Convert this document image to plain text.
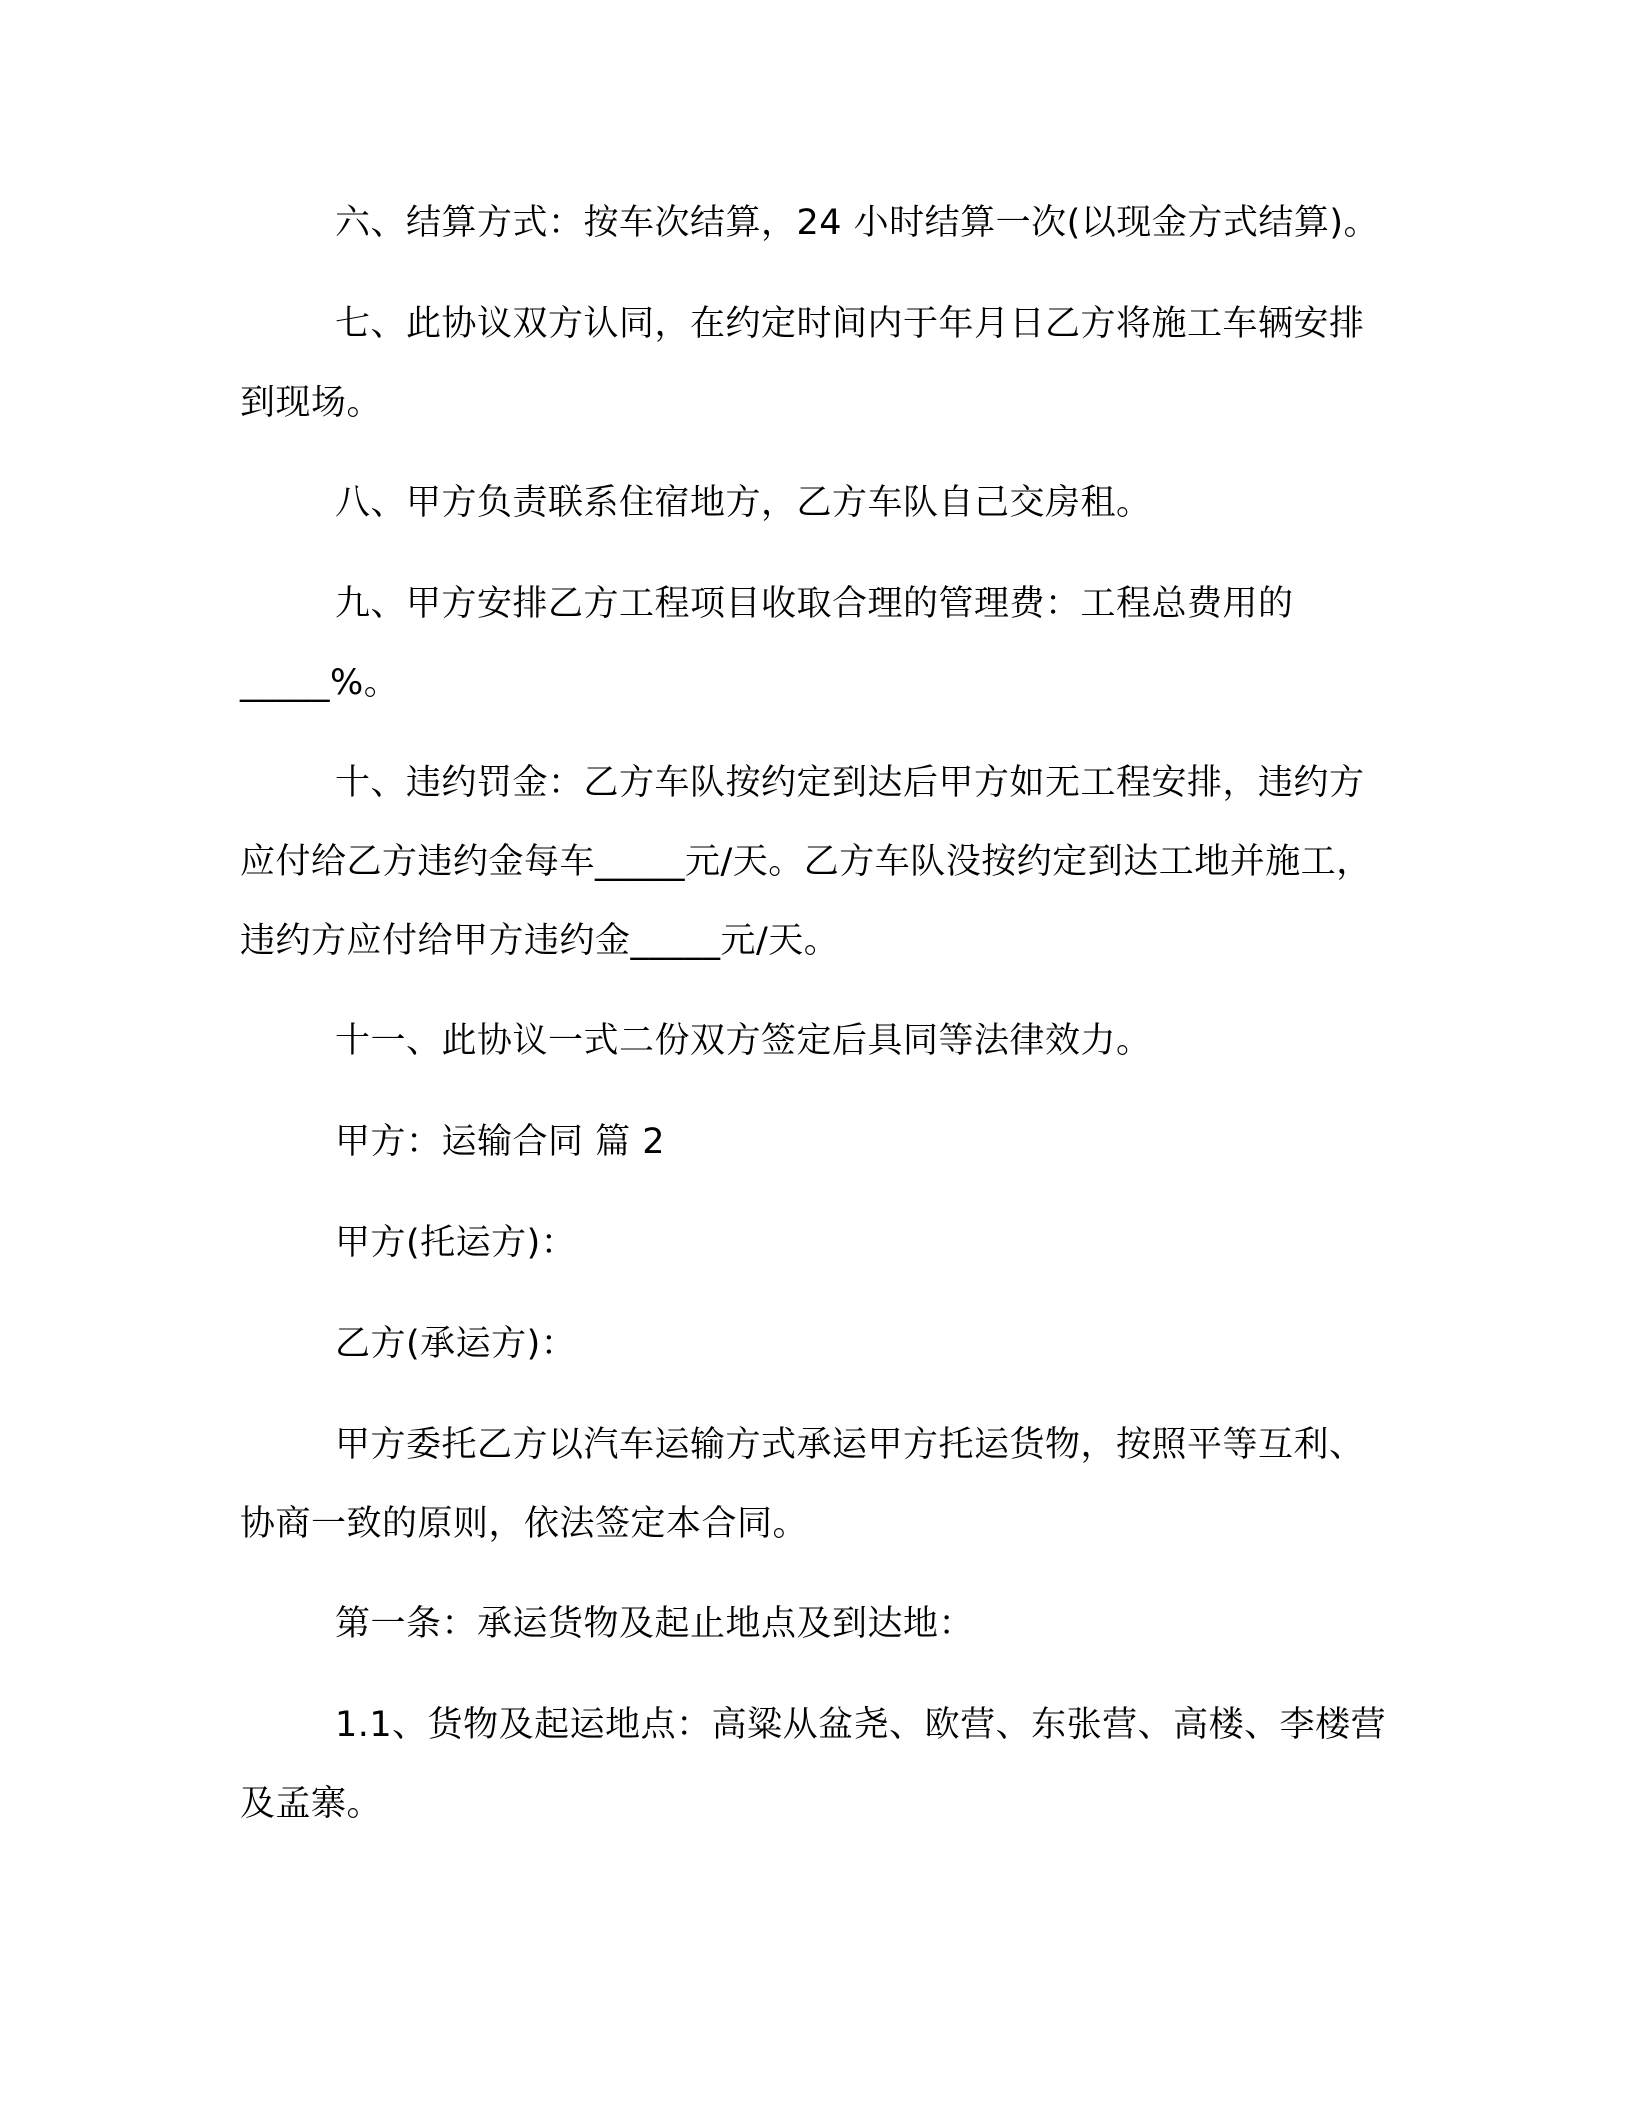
六、结算方式：按车次结算，24 小时结算一次(以现金方式结算)。

七、此协议双方认同，在约定时间内于年月日乙方将施工车辆安排到现场。

八、甲方负责联系住宿地方，乙方车队自己交房租。

九、甲方安排乙方工程项目收取合理的管理费：工程总费用的_____%。

十、违约罚金：乙方车队按约定到达后甲方如无工程安排，违约方应付给乙方违约金每车_____元/天。乙方车队没按约定到达工地并施工，违约方应付给甲方违约金_____元/天。

十一、此协议一式二份双方签定后具同等法律效力。

甲方：运输合同 篇 2

甲方(托运方)：

乙方(承运方)：

甲方委托乙方以汽车运输方式承运甲方托运货物，按照平等互利、协商一致的原则，依法签定本合同。

第一条：承运货物及起止地点及到达地：

1.1、货物及起运地点：高粱从盆尧、欧营、东张营、高楼、李楼营及孟寨。
